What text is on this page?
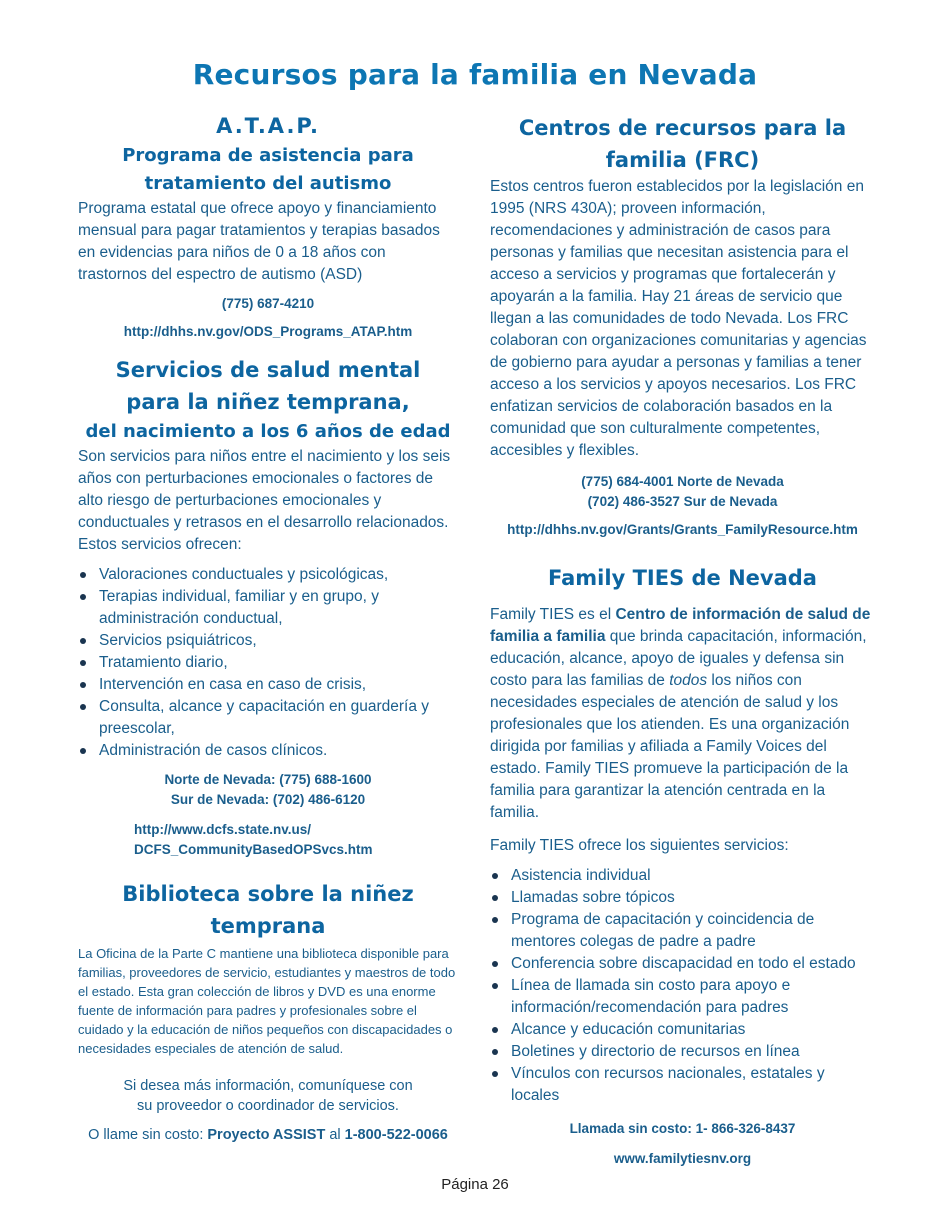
Recursos para la familia en Nevada
A.T.A.P.
Programa de asistencia para
tratamiento del autismo

Programa estatal que ofrece apoyo y financiamiento mensual para pagar tratamientos y terapias basados en evidencias para niños de 0 a 18 años con trastornos del espectro de autismo (ASD)

(775) 687-4210
http://dhhs.nv.gov/ODS_Programs_ATAP.htm
Servicios de salud mental
para la niñez temprana,
del nacimiento a los 6 años de edad

Son servicios para niños entre el nacimiento y los seis años con perturbaciones emocionales o factores de alto riesgo de perturbaciones emocionales y conductuales y retrasos en el desarrollo relacionados. Estos servicios ofrecen:

Valoraciones conductuales y psicológicas,
Terapias individual, familiar y en grupo, y administración conductual,
Servicios psiquiátricos,
Tratamiento diario,
Intervención en casa en caso de crisis,
Consulta, alcance y capacitación en guardería y preescolar,
Administración de casos clínicos.
Norte de Nevada: (775) 688-1600
Sur de Nevada: (702) 486-6120
http://www.dcfs.state.nv.us/
DCFS_CommunityBasedOPSvcs.htm
Biblioteca sobre la niñez
temprana

La Oficina de la Parte C mantiene una biblioteca disponible para familias, proveedores de servicio, estudiantes y maestros de todo el estado. Esta gran colección de libros y DVD es una enorme fuente de información para padres y profesionales sobre el cuidado y la educación de niños pequeños con discapacidades o necesidades especiales de atención de salud.

Si desea más información, comuníquese con
su proveedor o coordinador de servicios.
O llame sin costo: Proyecto ASSIST al 1-800-522-0066
Centros de recursos para la
familia (FRC)

Estos centros fueron establecidos por la legislación en 1995 (NRS 430A); proveen información, recomendaciones y administración de casos para personas y familias que necesitan asistencia para el acceso a servicios y programas que fortalecerán y apoyarán a la familia. Hay 21 áreas de servicio que llegan a las comunidades de todo Nevada. Los FRC colaboran con organizaciones comunitarias y agencias de gobierno para ayudar a personas y familias a tener acceso a los servicios y apoyos necesarios. Los FRC enfatizan servicios de colaboración basados en la comunidad que son culturalmente competentes, accesibles y flexibles.

(775) 684-4001 Norte de Nevada
(702) 486-3527 Sur de Nevada
http://dhhs.nv.gov/Grants/Grants_FamilyResource.htm
Family TIES de Nevada

Family TIES es el Centro de información de salud de familia a familia que brinda capacitación, información, educación, alcance, apoyo de iguales y defensa sin costo para las familias de todos los niños con necesidades especiales de atención de salud y los profesionales que los atienden. Es una organización dirigida por familias y afiliada a Family Voices del estado. Family TIES promueve la participación de la familia para garantizar la atención centrada en la familia.

Family TIES ofrece los siguientes servicios:

Asistencia individual
Llamadas sobre tópicos
Programa de capacitación y coincidencia de mentores colegas de padre a padre
Conferencia sobre discapacidad en todo el estado
Línea de llamada sin costo para apoyo e información/recomendación para padres
Alcance y educación comunitarias
Boletines y directorio de recursos en línea
Vínculos con recursos nacionales, estatales y locales
Llamada sin costo: 1- 866-326-8437
www.familytiesnv.org
Página 26
